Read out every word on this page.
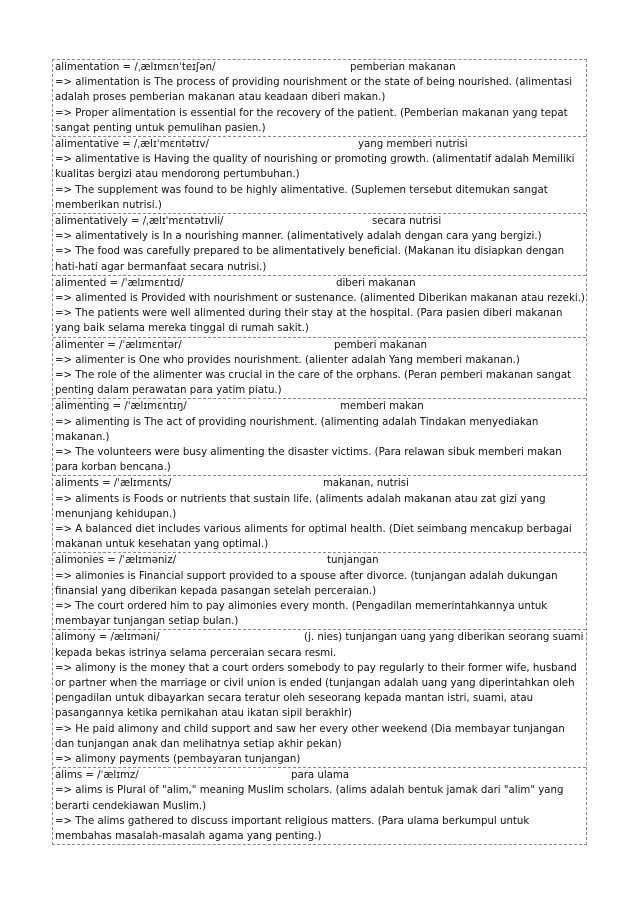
alimentation = /ˌælɪmɛnˈteɪʃən/	pemberian makanan
=> alimentation is The process of providing nourishment or the state of being nourished. (alimentasi adalah proses pemberian makanan atau keadaan diberi makan.)
=> Proper alimentation is essential for the recovery of the patient. (Pemberian makanan yang tepat sangat penting untuk pemulihan pasien.)
alimentative = /ˌælɪˈmɛntətɪv/	yang memberi nutrisi
=> alimentative is Having the quality of nourishing or promoting growth. (alimentatif adalah Memiliki kualitas bergizi atau mendorong pertumbuhan.)
=> The supplement was found to be highly alimentative. (Suplemen tersebut ditemukan sangat memberikan nutrisi.)
alimentatively = /ˌælɪˈmɛntətɪvli/	secara nutrisi
=> alimentatively is In a nourishing manner. (alimentatively adalah dengan cara yang bergizi.)
=> The food was carefully prepared to be alimentatively beneficial. (Makanan itu disiapkan dengan hati-hati agar bermanfaat secara nutrisi.)
alimented = /ˈælɪmɛntɪd/	diberi makanan
=> alimented is Provided with nourishment or sustenance. (alimented Diberikan makanan atau rezeki.)
=> The patients were well alimented during their stay at the hospital. (Para pasien diberi makanan yang baik selama mereka tinggal di rumah sakit.)
alimenter = /ˈælɪmɛntər/	pemberi makanan
=> alimenter is One who provides nourishment. (alienter adalah Yang memberi makanan.)
=> The role of the alimenter was crucial in the care of the orphans. (Peran pemberi makanan sangat penting dalam perawatan para yatim piatu.)
alimenting = /ˈælɪmɛntɪŋ/	memberi makan
=> alimenting is The act of providing nourishment. (alimenting adalah Tindakan menyediakan makanan.)
=> The volunteers were busy alimenting the disaster victims. (Para relawan sibuk memberi makan para korban bencana.)
aliments = /ˈælɪmɛnts/	makanan, nutrisi
=> aliments is Foods or nutrients that sustain life. (aliments adalah makanan atau zat gizi yang menunjang kehidupan.)
=> A balanced diet includes various aliments for optimal health. (Diet seimbang mencakup berbagai makanan untuk kesehatan yang optimal.)
alimonies = /ˈælɪməniz/	tunjangan
=> alimonies is Financial support provided to a spouse after divorce. (tunjangan adalah dukungan finansial yang diberikan kepada pasangan setelah perceraian.)
=> The court ordered him to pay alimonies every month. (Pengadilan memerintahkannya untuk membayar tunjangan setiap bulan.)
alimony = /ælɪməni/	(j. nies) tunjangan uang yang diberikan seorang suami kepada bekas istrinya selama perceraian secara resmi.
=> alimony is the money that a court orders somebody to pay regularly to their former wife, husband or partner when the marriage or civil union is ended (tunjangan adalah uang yang diperintahkan oleh pengadilan untuk dibayarkan secara teratur oleh seseorang kepada mantan istri, suami, atau pasangannya ketika pernikahan atau ikatan sipil berakhir)
=> He paid alimony and child support and saw her every other weekend (Dia membayar tunjangan dan tunjangan anak dan melihatnya setiap akhir pekan)
=> alimony payments (pembayaran tunjangan)
alims = /ˈælɪmz/	para ulama
=> alims is Plural of "alim," meaning Muslim scholars. (alims adalah bentuk jamak dari "alim" yang berarti cendekiawan Muslim.)
=> The alims gathered to discuss important religious matters. (Para ulama berkumpul untuk membahas masalah-masalah agama yang penting.)
